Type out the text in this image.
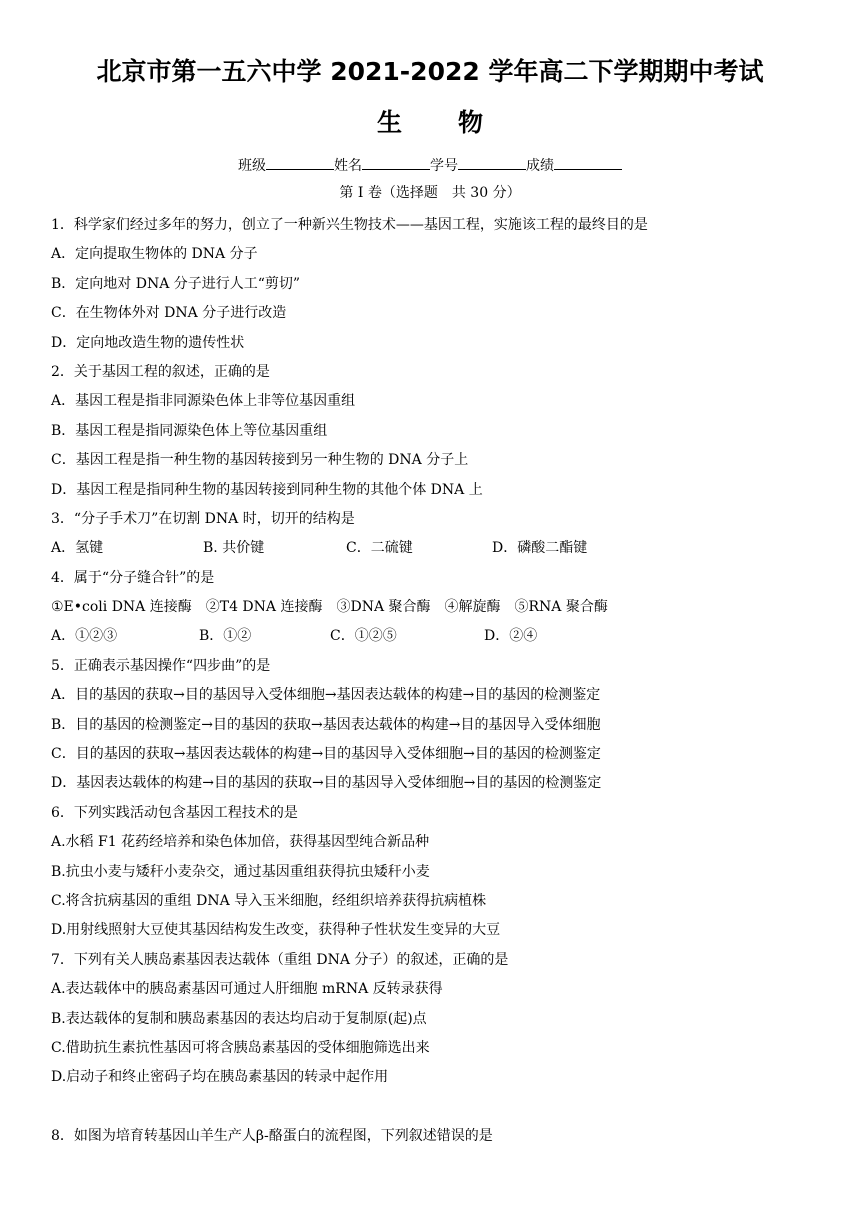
北京市第一五六中学 2021-2022 学年高二下学期期中考试
生 物
班级	姓名	学号	成绩
第 I 卷（选择题　共 30 分）
1．科学家们经过多年的努力，创立了一种新兴生物技术——基因工程，实施该工程的最终目的是
A．定向提取生物体的 DNA 分子
B．定向地对 DNA 分子进行人工“剪切”
C．在生物体外对 DNA 分子进行改造
D．定向地改造生物的遗传性状
2．关于基因工程的叙述，正确的是
A．基因工程是指非同源染色体上非等位基因重组
B．基因工程是指同源染色体上等位基因重组
C．基因工程是指一种生物的基因转接到另一种生物的 DNA 分子上
D．基因工程是指同种生物的基因转接到同种生物的其他个体 DNA 上
3．“分子手术刀”在切割 DNA 时，切开的结构是
A．氢键	B. 共价键	C．二硫键	D．磷酸二酯键
4．属于“分子缝合针”的是
①E•coli DNA 连接酶　②T4 DNA 连接酶　③DNA 聚合酶　④解旋酶　⑤RNA 聚合酶
A．①②③	B．①②	C．①②⑤	D．②④
5．正确表示基因操作“四步曲”的是
A．目的基因的获取→目的基因导入受体细胞→基因表达载体的构建→目的基因的检测鉴定
B．目的基因的检测鉴定→目的基因的获取→基因表达载体的构建→目的基因导入受体细胞
C．目的基因的获取→基因表达载体的构建→目的基因导入受体细胞→目的基因的检测鉴定
D．基因表达载体的构建→目的基因的获取→目的基因导入受体细胞→目的基因的检测鉴定
6．下列实践活动包含基因工程技术的是
A.水稻 F1 花药经培养和染色体加倍，获得基因型纯合新品种
B.抗虫小麦与矮秆小麦杂交，通过基因重组获得抗虫矮秆小麦
C.将含抗病基因的重组 DNA 导入玉米细胞，经组织培养获得抗病植株
D.用射线照射大豆使其基因结构发生改变，获得种子性状发生变异的大豆
7．下列有关人胰岛素基因表达载体（重组 DNA 分子）的叙述，正确的是
A.表达载体中的胰岛素基因可通过人肝细胞 mRNA 反转录获得
B.表达载体的复制和胰岛素基因的表达均启动于复制原(起)点
C.借助抗生素抗性基因可将含胰岛素基因的受体细胞筛选出来
D.启动子和终止密码子均在胰岛素基因的转录中起作用
8．如图为培育转基因山羊生产人β-酪蛋白的流程图，下列叙述错误的是
